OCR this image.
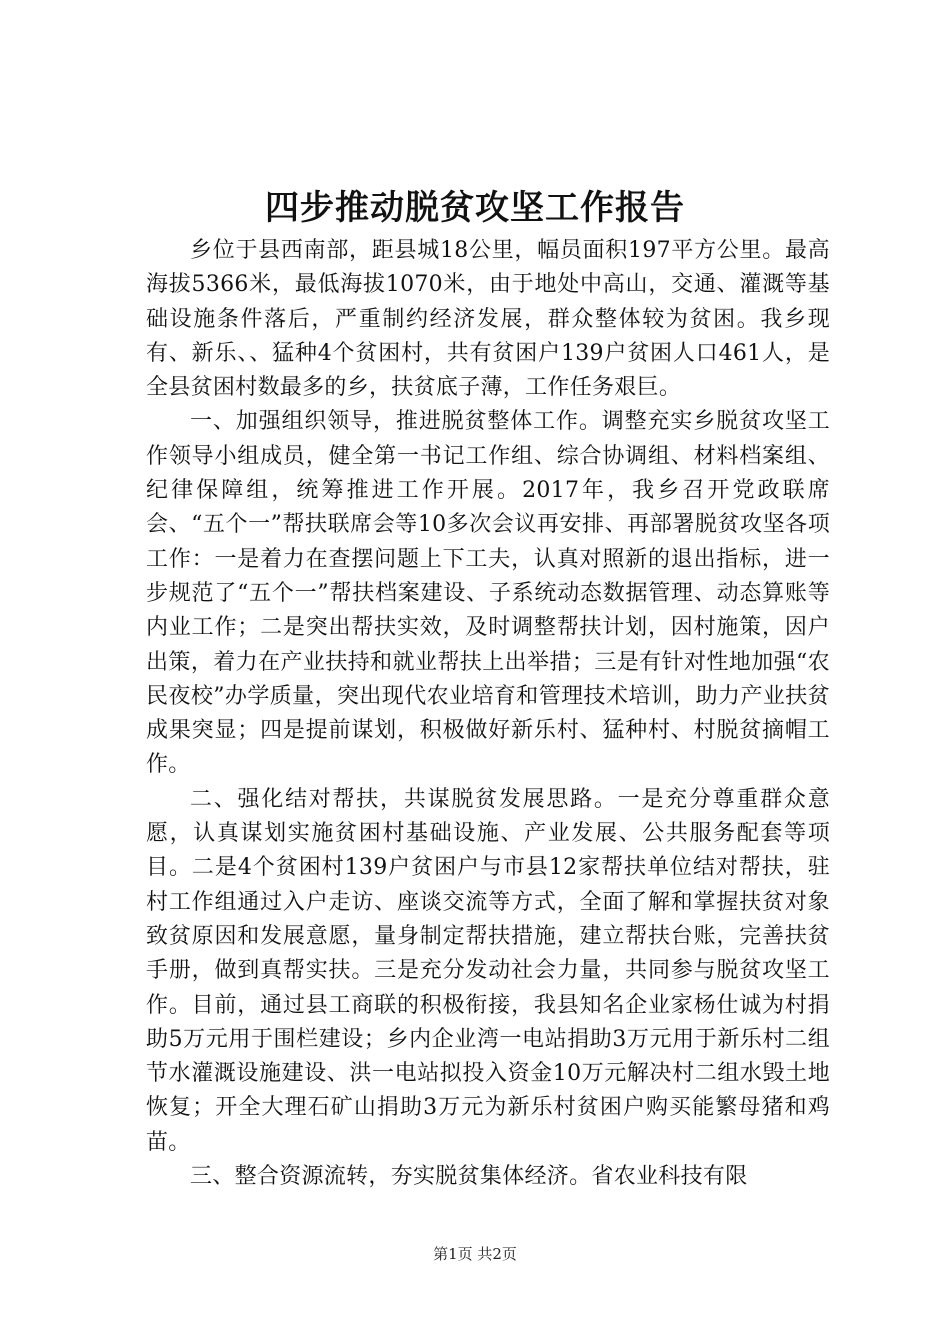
四步推动脱贫攻坚工作报告

乡位于县西南部，距县城18公里，幅员面积197平方公里。最高海拔5366米，最低海拔1070米，由于地处中高山，交通、灌溉等基础设施条件落后，严重制约经济发展，群众整体较为贫困。我乡现有、新乐、、猛种4个贫困村，共有贫困户139户贫困人口461人，是全县贫困村数最多的乡，扶贫底子薄，工作任务艰巨。

一、加强组织领导，推进脱贫整体工作。调整充实乡脱贫攻坚工作领导小组成员，健全第一书记工作组、综合协调组、材料档案组、纪律保障组，统筹推进工作开展。2017年，我乡召开党政联席会、“五个一”帮扶联席会等10多次会议再安排、再部署脱贫攻坚各项工作：一是着力在查摆问题上下工夫，认真对照新的退出指标，进一步规范了“五个一”帮扶档案建设、子系统动态数据管理、动态算账等内业工作；二是突出帮扶实效，及时调整帮扶计划，因村施策，因户出策，着力在产业扶持和就业帮扶上出举措；三是有针对性地加强“农民夜校”办学质量，突出现代农业培育和管理技术培训，助力产业扶贫成果突显；四是提前谋划，积极做好新乐村、猛种村、村脱贫摘帽工作。

二、强化结对帮扶，共谋脱贫发展思路。一是充分尊重群众意愿，认真谋划实施贫困村基础设施、产业发展、公共服务配套等项目。二是4个贫困村139户贫困户与市县12家帮扶单位结对帮扶，驻村工作组通过入户走访、座谈交流等方式，全面了解和掌握扶贫对象致贫原因和发展意愿，量身制定帮扶措施，建立帮扶台账，完善扶贫手册，做到真帮实扶。三是充分发动社会力量，共同参与脱贫攻坚工作。目前，通过县工商联的积极衔接，我县知名企业家杨仕诚为村捐助5万元用于围栏建设；乡内企业湾一电站捐助3万元用于新乐村二组节水灌溉设施建设、洪一电站拟投入资金10万元解决村二组水毁土地恢复；开全大理石矿山捐助3万元为新乐村贫困户购买能繁母猪和鸡苗。

三、整合资源流转，夯实脱贫集体经济。省农业科技有限

第1页 共2页
